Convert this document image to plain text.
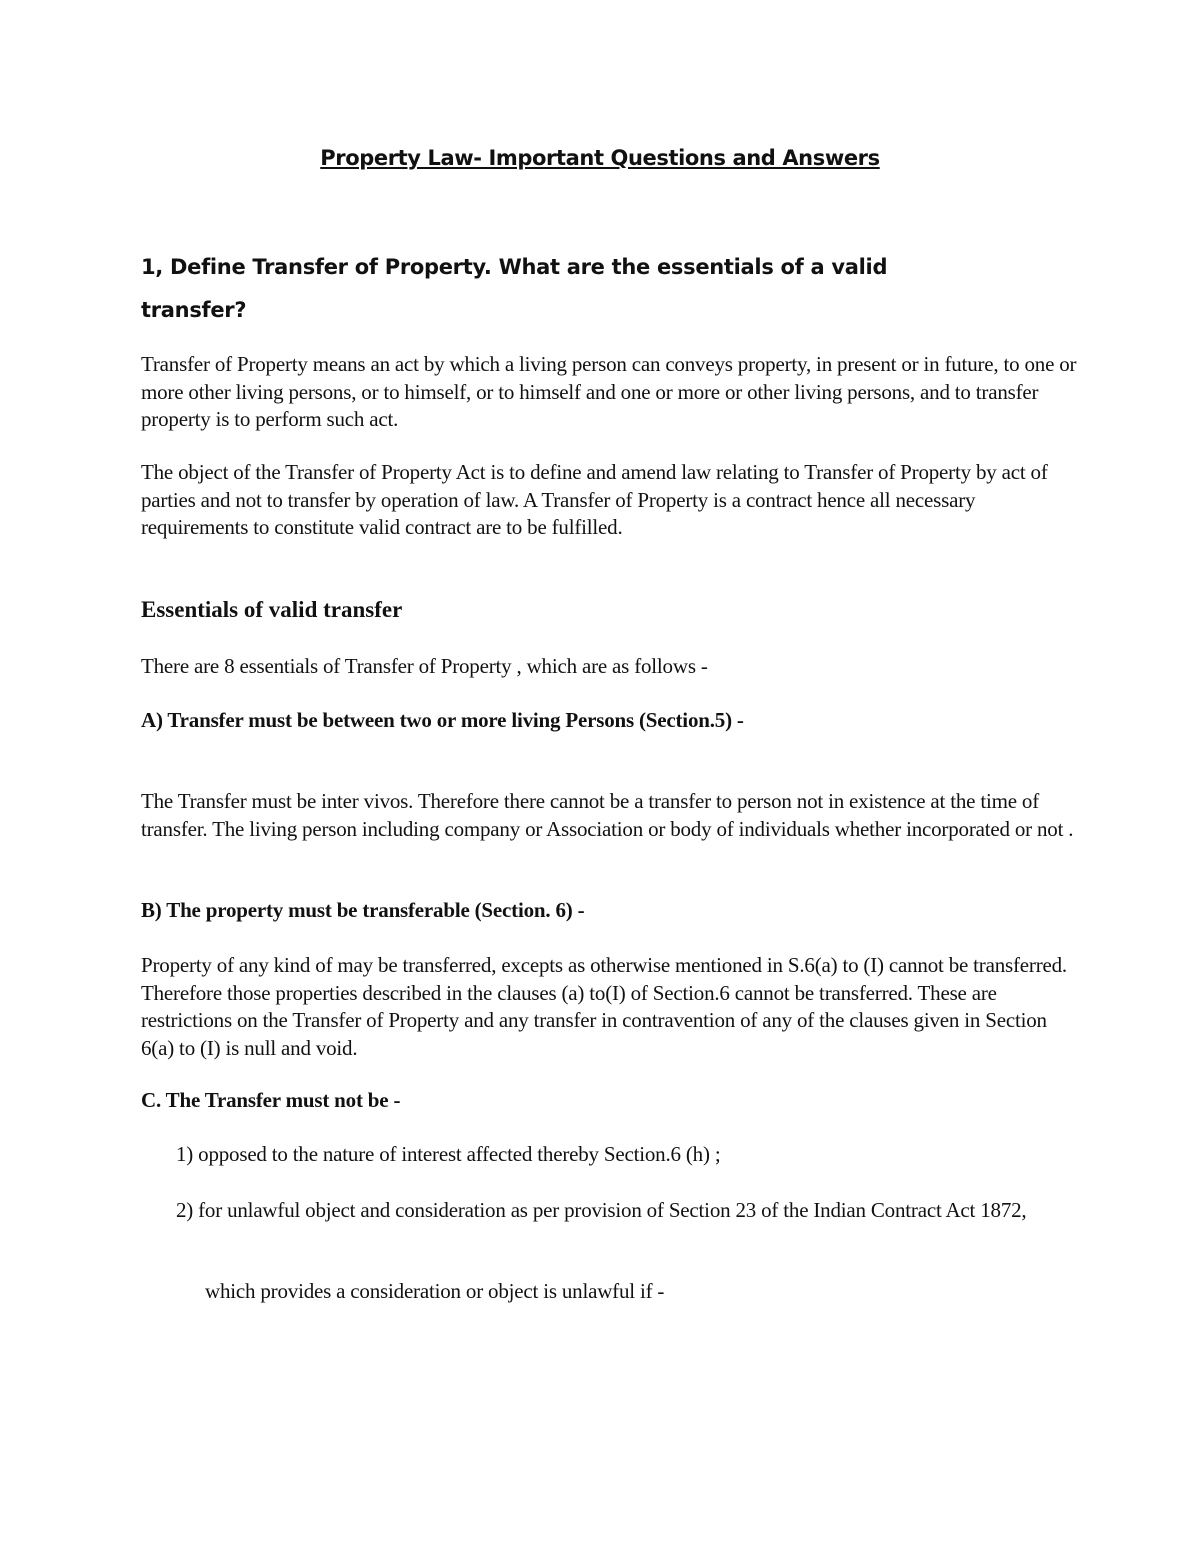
Property Law- Important Questions and Answers
1, Define Transfer of Property. What are the essentials of a valid
transfer?
Transfer of Property means an act by which a living person can conveys property, in present or in future, to one or more other living persons, or to himself, or to himself and one or more or other living persons, and to transfer property is to perform such act.
The object of the Transfer of Property Act is to define and amend law relating to Transfer of Property by act of parties and not to transfer by operation of law. A Transfer of Property is a contract hence all necessary requirements to constitute valid contract are to be fulfilled.
Essentials of valid transfer
There are 8 essentials of Transfer of Property , which are as follows -
A) Transfer must be between two or more living Persons (Section.5) -
The Transfer must be inter vivos. Therefore there cannot be a transfer to person not in existence at the time of transfer. The living person including company or Association or body of individuals whether incorporated or not .
B) The property must be transferable (Section. 6) -
Property of any kind of may be transferred, excepts as otherwise mentioned in S.6(a) to (I) cannot be transferred. Therefore those properties described in the clauses (a) to(I) of Section.6 cannot be transferred. These are restrictions on the Transfer of Property and any transfer in contravention of any of the clauses given in Section 6(a) to (I) is null and void.
C. The Transfer must not be -
1) opposed to the nature of interest affected thereby Section.6 (h) ;
2) for unlawful object and consideration as per provision of Section 23 of the Indian Contract Act 1872,
which provides a consideration or object is unlawful if -
